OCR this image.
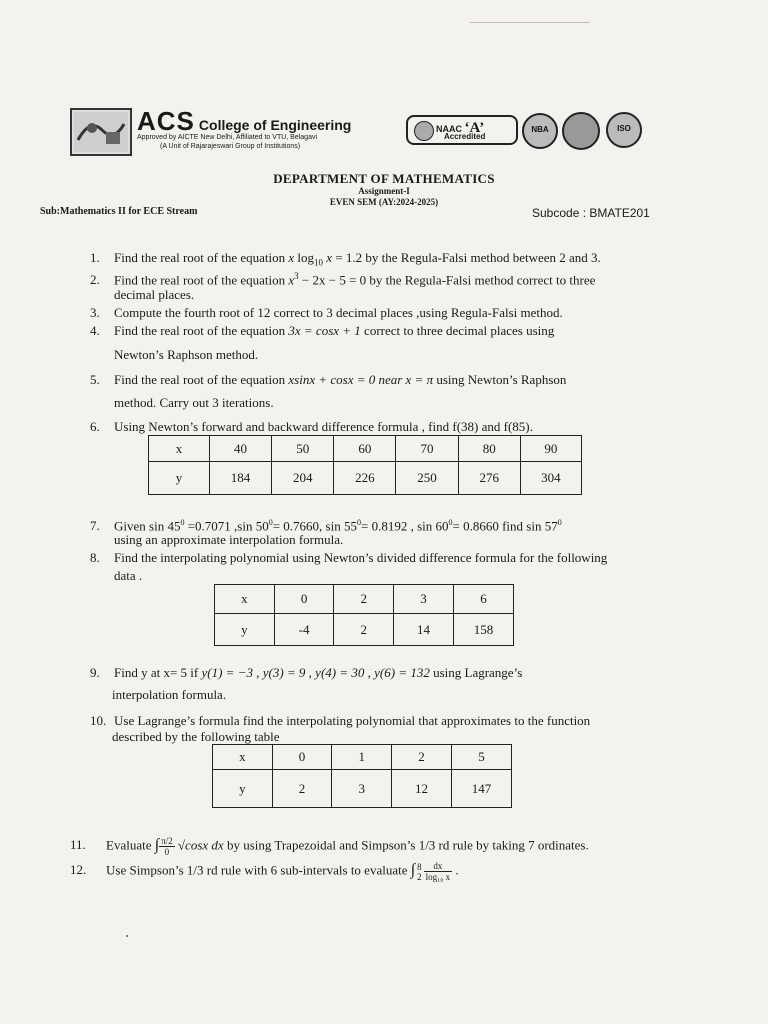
ACS College of Engineering
Approved by AICTE New Delhi, Affiliated to VTU, Belagavi
(A Unit of Rajarajeswari Group of Institutions)
NAAC ‘A’
Accredited
NBA	ISO
DEPARTMENT OF MATHEMATICS
Assignment-I
EVEN SEM (AY:2024-2025)
Sub:Mathematics II for ECE Stream	Subcode : BMATE201
1. Find the real root of the equation x $\log_{10} x = 1.2$ by the Regula-Falsi method between 2 and 3.
2. Find the real root of the equation $x^3 - 2x - 5 = 0$ by the Regula-Falsi method correct to three
decimal places.
3. Compute the fourth root of 12 correct to 3 decimal places ,using Regula-Falsi method.
4. Find the real root of the equation 3x = cosx + 1 correct to three decimal places using
Newton’s Raphson method.
5. Find the real root of the equation xsinx + cosx = 0 near x = π using Newton’s Raphson
method. Carry out 3 iterations.
6. Using Newton’s forward and backward difference formula , find f(38) and f(85).
x	40	50	60	70	80	90
y	184	204	226	250	276	304
7. Given $\sin 45^0 =0.7071$ ,sin $50^0= 0.7660$, $\sin 55^0= 0.8192$ , $\sin 60^0= 0.8660$ find $\sin 57^0$
using an approximate interpolation formula.
8. Find the interpolating polynomial using Newton’s divided difference formula for the following
data .
x	0	2	3	6
y	-4	2	14	158
9. Find y at x= 5 if y(1) = −3 , y(3) = 9 , y(4) = 30 , y(6) = 132 using Lagrange’s
interpolation formula.
10. Use Lagrange’s formula find the interpolating polynomial that approximates to the function
described by the following table
x	0	1	2	5
y	2	3	12	147
11. Evaluate ∫ $\frac{\pi/2}{0} √\cos x$ dx by using Trapezoidal and Simpson’s 1/3 rd rule by taking 7 ordinates.
12. Use Simpson’s 1/3 rd rule with 6 sub-intervals to evaluate ∫ 8
$2 \frac{dx}{\text{log₁₀ x}}$ .
